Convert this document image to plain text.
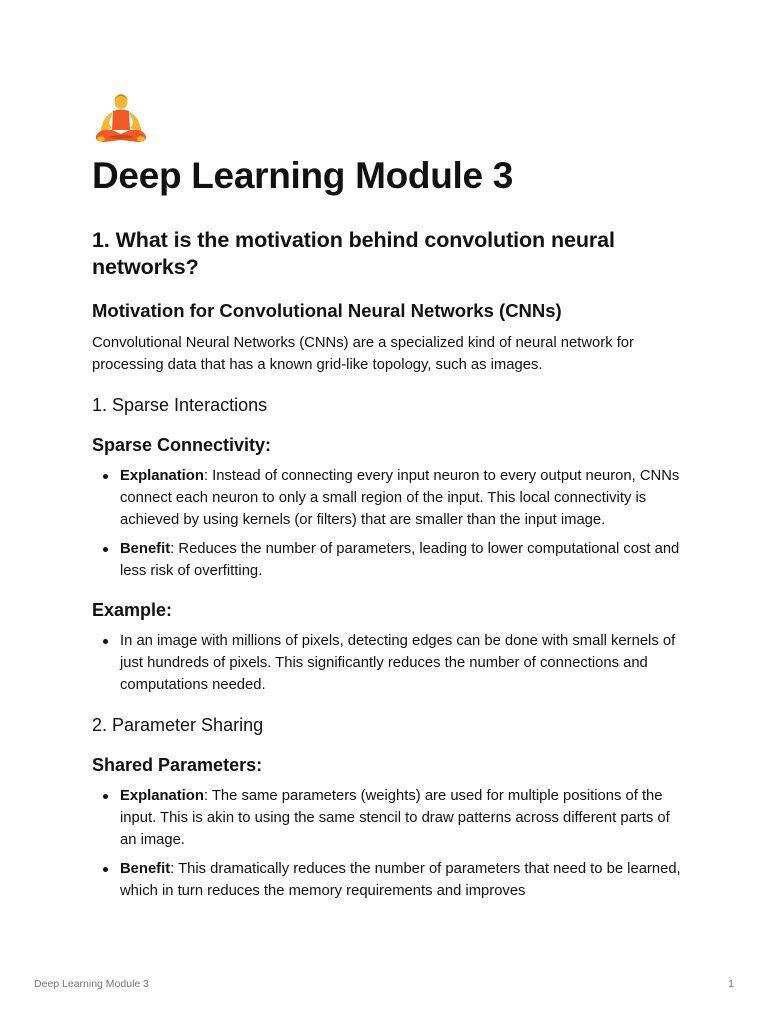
Deep Learning Module 3
1. What is the motivation behind convolution neural networks?
Motivation for Convolutional Neural Networks (CNNs)

Convolutional Neural Networks (CNNs) are a specialized kind of neural network for processing data that has a known grid-like topology, such as images.

1. Sparse Interactions
Sparse Connectivity:
Explanation: Instead of connecting every input neuron to every output neuron, CNNs connect each neuron to only a small region of the input. This local connectivity is achieved by using kernels (or filters) that are smaller than the input image.
Benefit: Reduces the number of parameters, leading to lower computational cost and less risk of overfitting.
Example:
In an image with millions of pixels, detecting edges can be done with small kernels of just hundreds of pixels. This significantly reduces the number of connections and computations needed.
2. Parameter Sharing
Shared Parameters:
Explanation: The same parameters (weights) are used for multiple positions of the input. This is akin to using the same stencil to draw patterns across different parts of an image.
Benefit: This dramatically reduces the number of parameters that need to be learned, which in turn reduces the memory requirements and improves
Deep Learning Module 3	1
